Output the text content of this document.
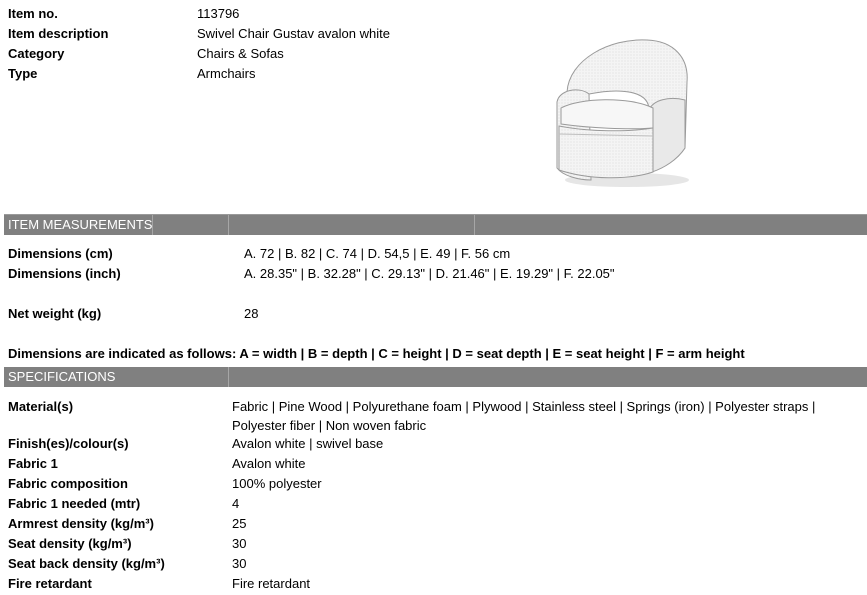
Item no.	113796
Item description	Swivel Chair Gustav avalon white
Category	Chairs & Sofas
Type	Armchairs
ITEM MEASUREMENTS
Dimensions (cm)	A. 72 | B. 82 | C. 74 | D. 54,5 | E. 49 | F. 56 cm
Dimensions (inch)	A. 28.35" | B. 32.28" | C. 29.13" | D. 21.46" | E. 19.29" | F. 22.05"
Net weight (kg)	28
Dimensions are indicated as follows: A = width | B = depth | C = height | D = seat depth | E = seat height | F = arm height
SPECIFICATIONS
Material(s)	Fabric | Pine Wood | Polyurethane foam | Plywood | Stainless steel | Springs (iron) | Polyester straps |
Polyester fiber | Non woven fabric
Finish(es)/colour(s)	Avalon white | swivel base
Fabric 1	Avalon white
Fabric composition	100% polyester
Fabric 1 needed (mtr)	4
Armrest density (kg/m³)	25
Seat density (kg/m³)	30
Seat back density (kg/m³)	30
Fire retardant	Fire retardant
